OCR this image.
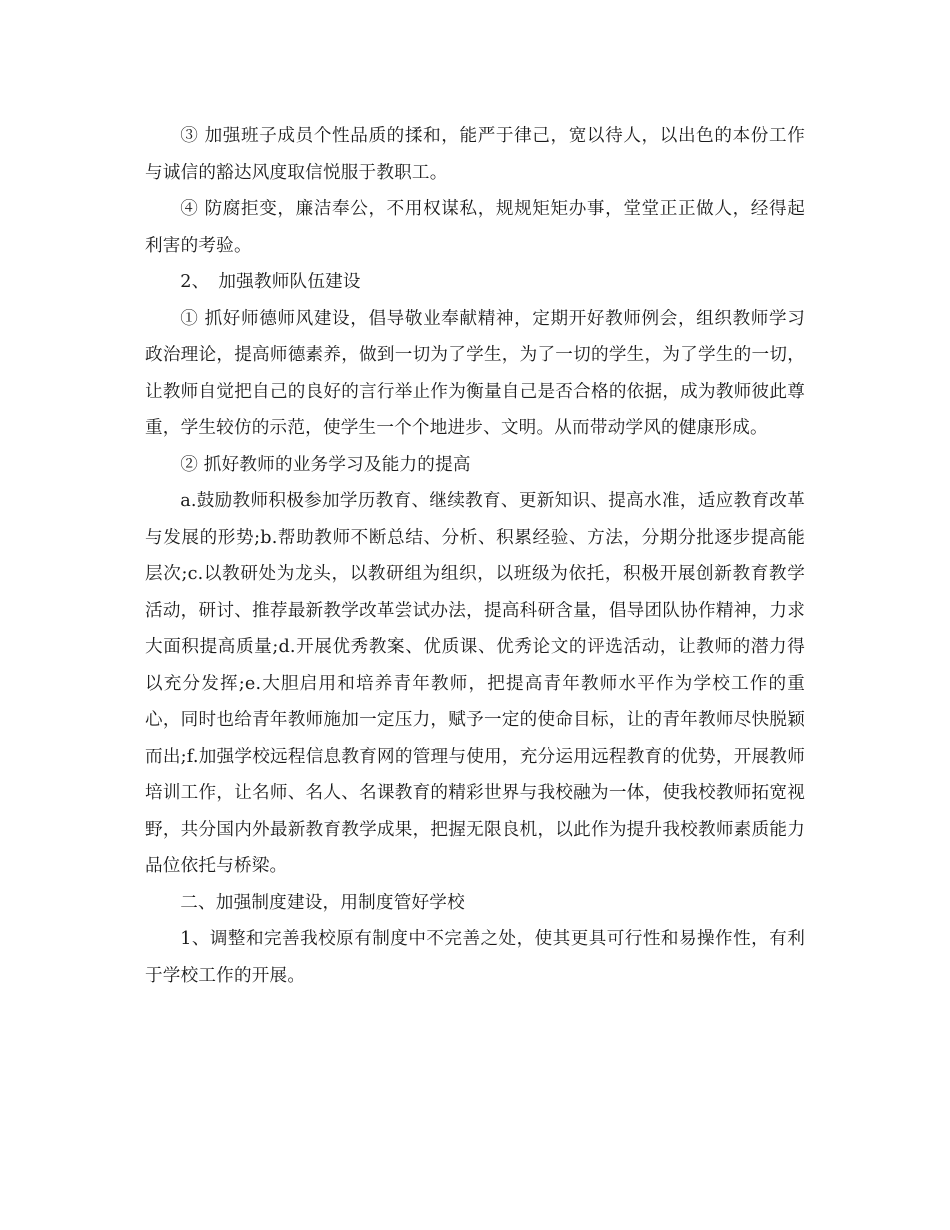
③ 加强班子成员个性品质的揉和，能严于律己，宽以待人，以出色的本份工作与诚信的豁达风度取信悦服于教职工。

④ 防腐拒变，廉洁奉公，不用权谋私，规规矩矩办事，堂堂正正做人，经得起利害的考验。

2、　加强教师队伍建设

① 抓好师德师风建设，倡导敬业奉献精神，定期开好教师例会，组织教师学习政治理论，提高师德素养，做到一切为了学生，为了一切的学生，为了学生的一切，让教师自觉把自己的良好的言行举止作为衡量自己是否合格的依据，成为教师彼此尊重，学生较仿的示范，使学生一个个地进步、文明。从而带动学风的健康形成。

② 抓好教师的业务学习及能力的提高

a.鼓励教师积极参加学历教育、继续教育、更新知识、提高水准，适应教育改革与发展的形势;b.帮助教师不断总结、分析、积累经验、方法，分期分批逐步提高能层次;c.以教研处为龙头，以教研组为组织，以班级为依托，积极开展创新教育教学活动，研讨、推荐最新教学改革尝试办法，提高科研含量，倡导团队协作精神，力求大面积提高质量;d.开展优秀教案、优质课、优秀论文的评选活动，让教师的潜力得以充分发挥;e.大胆启用和培养青年教师，把提高青年教师水平作为学校工作的重心，同时也给青年教师施加一定压力，赋予一定的使命目标，让的青年教师尽快脱颖而出;f.加强学校远程信息教育网的管理与使用，充分运用远程教育的优势，开展教师培训工作，让名师、名人、名课教育的精彩世界与我校融为一体，使我校教师拓宽视野，共分国内外最新教育教学成果，把握无限良机，以此作为提升我校教师素质能力品位依托与桥梁。

二、加强制度建设，用制度管好学校

1、调整和完善我校原有制度中不完善之处，使其更具可行性和易操作性，有利于学校工作的开展。
